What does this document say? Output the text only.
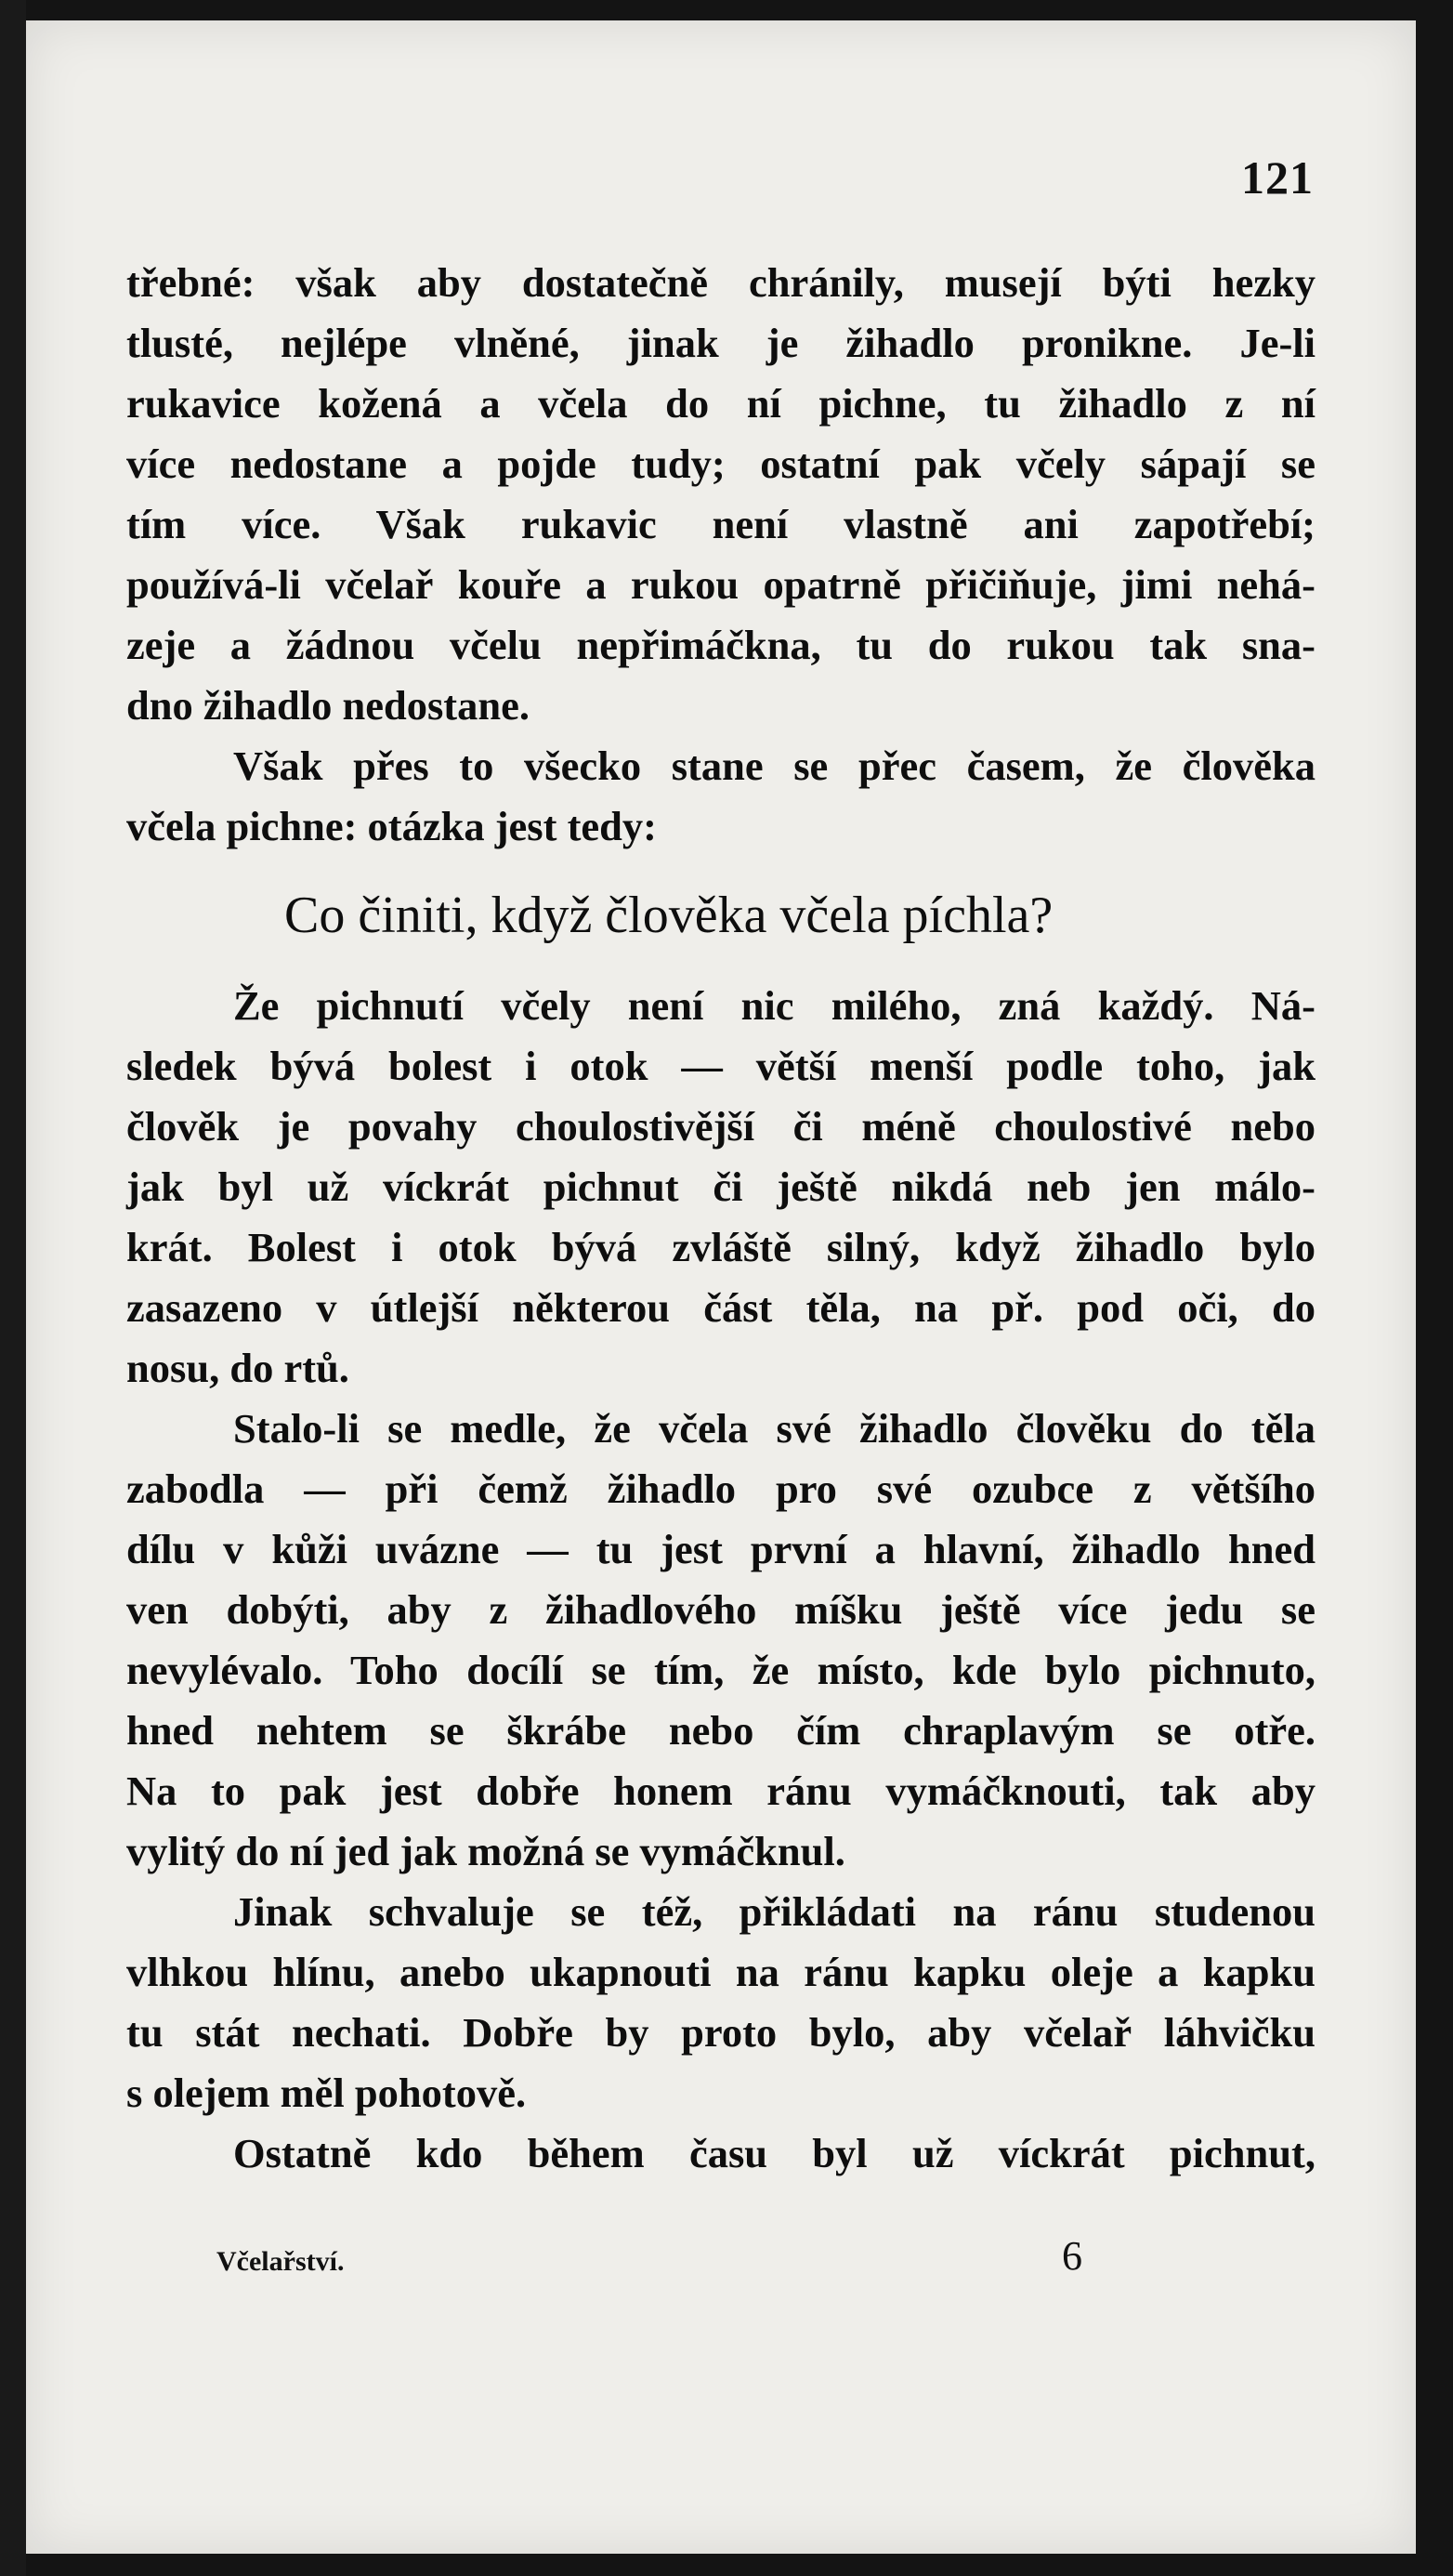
121
třebné: však aby dostatečně chránily, musejí býti hezky
tlusté, nejlépe vlněné, jinak je žihadlo pronikne. Je-li
rukavice kožená a včela do ní pichne, tu žihadlo z ní
více nedostane a pojde tudy; ostatní pak včely sápají se
tím více. Však rukavic není vlastně ani zapotřebí;
používá-li včelař kouře a rukou opatrně přičiňuje, jimi nehá-
zeje a žádnou včelu nepřimáčkna, tu do rukou tak sna-
dno žihadlo nedostane.
Však přes to všecko stane se přec časem, že člověka
včela pichne: otázka jest tedy:
Co činiti, když člověka včela píchla?
Že pichnutí včely není nic milého, zná každý. Ná-
sledek bývá bolest i otok — větší menší podle toho, jak
člověk je povahy choulostivější či méně choulostivé nebo
jak byl už víckrát pichnut či ještě nikdá neb jen málo-
krát. Bolest i otok bývá zvláště silný, když žihadlo bylo
zasazeno v útlejší některou část těla, na př. pod oči, do
nosu, do rtů.
Stalo-li se medle, že včela své žihadlo člověku do těla
zabodla — při čemž žihadlo pro své ozubce z většího
dílu v kůži uvázne — tu jest první a hlavní, žihadlo hned
ven dobýti, aby z žihadlového míšku ještě více jedu se
nevylévalo. Toho docílí se tím, že místo, kde bylo pichnuto,
hned nehtem se škrábe nebo čím chraplavým se otře.
Na to pak jest dobře honem ránu vymáčknouti, tak aby
vylitý do ní jed jak možná se vymáčknul.
Jinak schvaluje se též, přikládati na ránu studenou
vlhkou hlínu, anebo ukapnouti na ránu kapku oleje a kapku
tu stát nechati. Dobře by proto bylo, aby včelař láhvičku
s olejem měl pohotově.
Ostatně kdo během času byl už víckrát pichnut,
Včelařství.	6
